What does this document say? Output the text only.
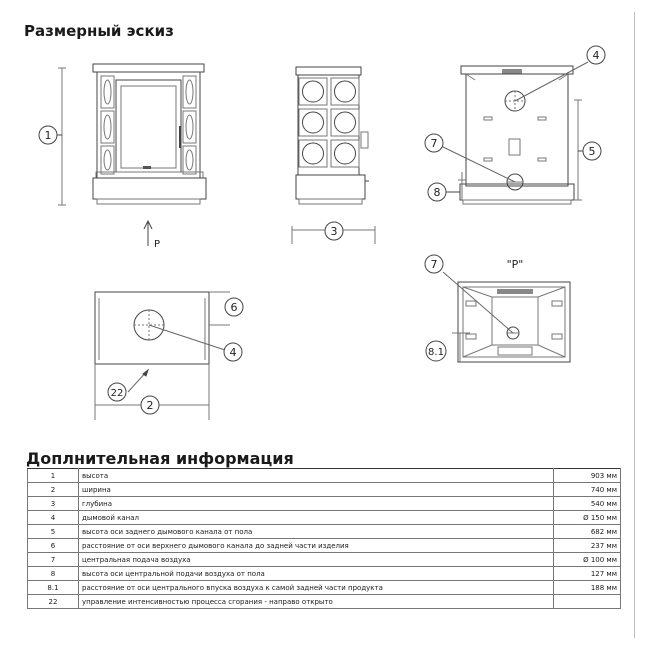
Размерный эскиз
P
1
3
4
5
7
8
6
4
22
2
"P"
7
8.1
Доплнительная информация
1	высота	903 мм
2	ширина	740 мм
3	глубина	540 мм
4	дымовой канал	Ø 150 мм
5	высота оси заднего дымового канала от пола	682 мм
6	расстояние от оси верхнего дымового канала до задней части изделия	237 мм
7	центральная подача воздуха	Ø 100 мм
8	высота оси центральной подачи воздуха от пола	127 мм
8.1	расстояние от оси центрального впуска воздуха к самой задней части продукта	188 мм
22	управление интенсивностью процесса сгорания - направо открыто	
